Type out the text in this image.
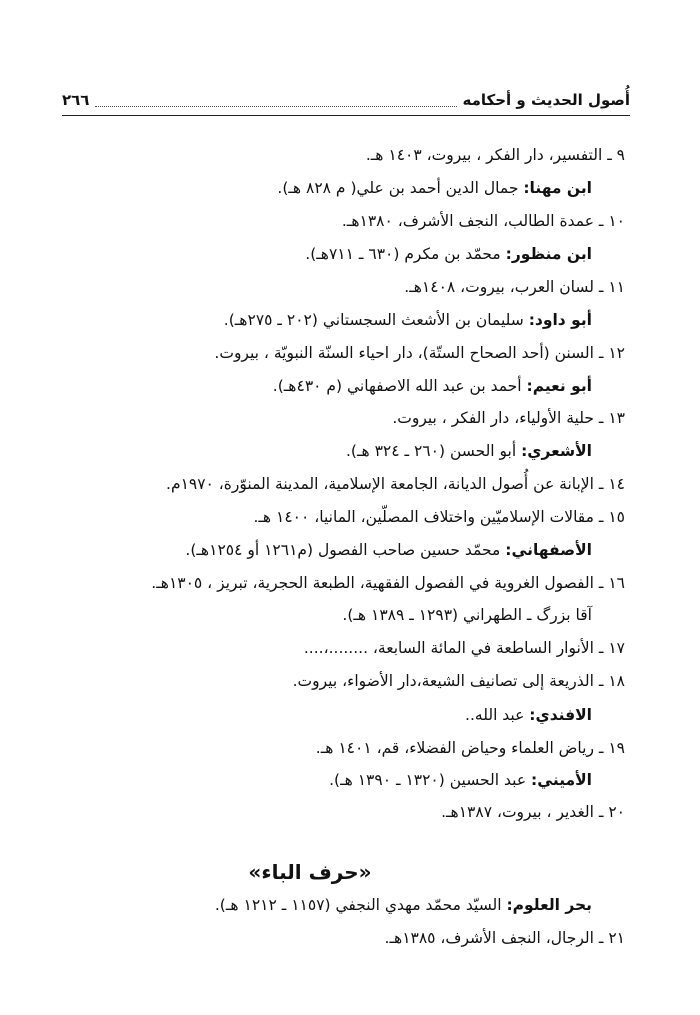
أُصول الحديث و أحكامه
٢٦٦
٩ ـ التفسير، دار الفكر ، بيروت، ١٤٠٣ هـ.
ابن مهنا: جمال الدين أحمد بن علي( م ٨٢٨ هـ).
١٠ ـ عمدة الطالب، النجف الأشرف، ١٣٨٠هـ.
ابن منظور: محمّد بن مكرم (٦٣٠ ـ ٧١١هـ).
١١ ـ لسان العرب، بيروت، ١٤٠٨هـ.
أبو داود: سليمان بن الأشعث السجستاني (٢٠٢ ـ ٢٧٥هـ).
١٢ ـ السنن (أحد الصحاح الستّة)، دار احياء السنّة النبويّة ، بيروت.
أبو نعيم: أحمد بن عبد الله الاصفهاني (م ٤٣٠هـ).
١٣ ـ حلية الأولياء، دار الفكر ، بيروت.
الأشعري: أبو الحسن (٢٦٠ ـ ٣٢٤ هـ).
١٤ ـ الإبانة عن أُصول الديانة، الجامعة الإسلامية، المدينة المنوّرة، ١٩٧٠م.
١٥ ـ مقالات الإسلاميّين واختلاف المصلّين، المانيا، ١٤٠٠ هـ.
الأصفهاني: محمّد حسين صاحب الفصول (م١٢٦١ أو ١٢٥٤هـ).
١٦ ـ الفصول الغروية في الفصول الفقهية، الطبعة الحجرية، تبريز ، ١٣٠٥هـ.
آقا بزرگ ـ الطهراني (١٢٩٣ ـ ١٣٨٩ هـ).
١٧ ـ الأنوار الساطعة في المائة السابعة، ........،....
١٨ ـ الذريعة إلى تصانيف الشيعة،دار الأضواء، بيروت.
الافندي: عبد الله..
١٩ ـ رياض العلماء وحياض الفضلاء، قم، ١٤٠١ هـ.
الأميني: عبد الحسين (١٣٢٠ ـ ١٣٩٠ هـ).
٢٠ ـ الغدير ، بيروت، ١٣٨٧هـ.
«حرف الباء»
بحر العلوم: السيّد محمّد مهدي النجفي (١١٥٧ ـ ١٢١٢ هـ).
٢١ ـ الرجال، النجف الأشرف، ١٣٨٥هـ.
